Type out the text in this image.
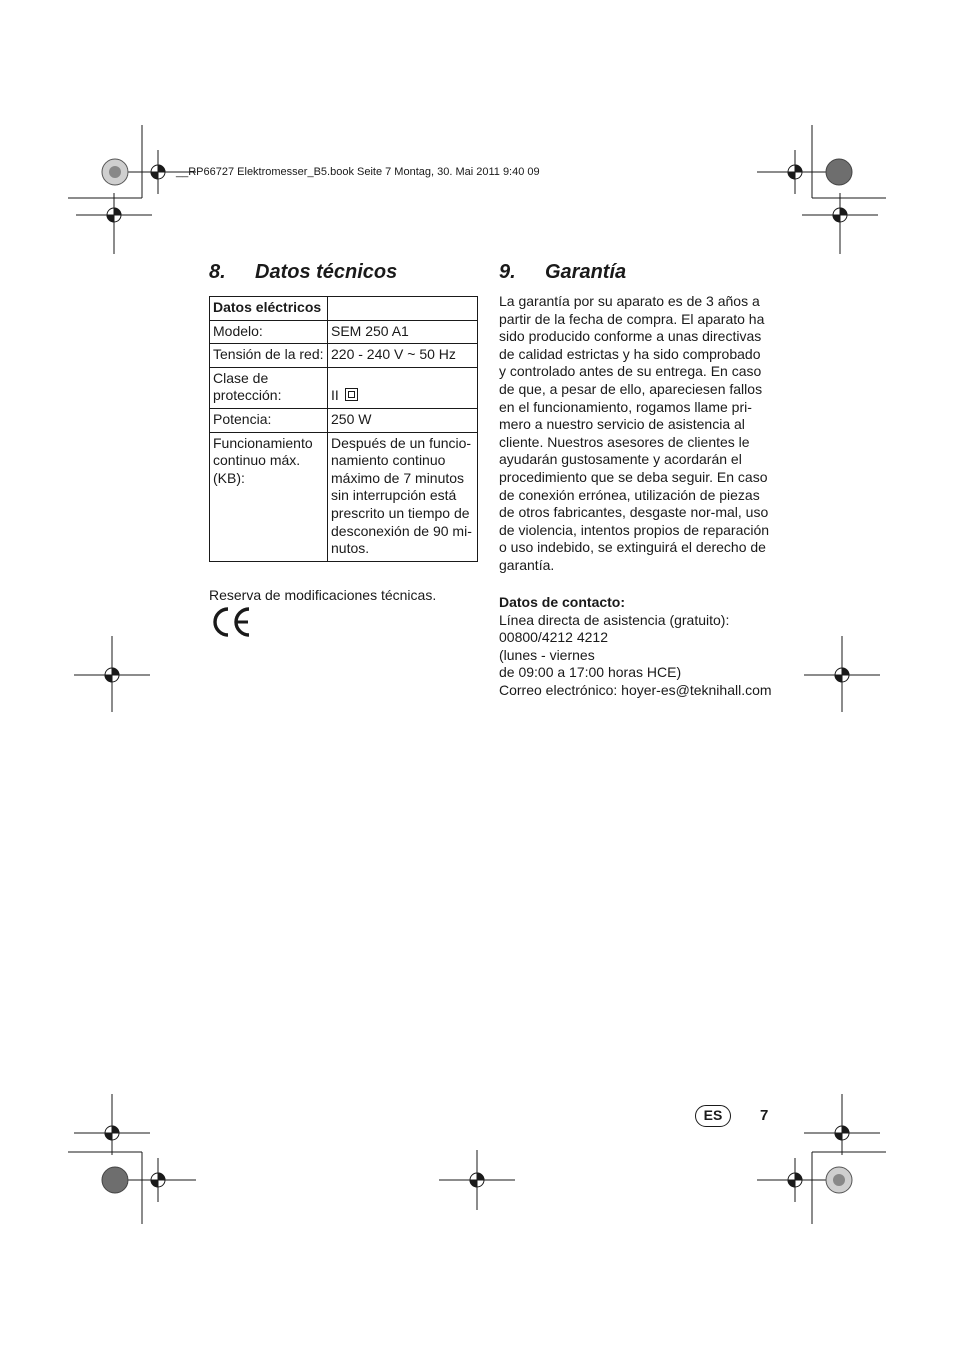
__RP66727 Elektromesser_B5.book Seite 7 Montag, 30. Mai 2011 9:40 09
8. Datos técnicos
Datos eléctricos	
Modelo:	SEM 250 A1
Tensión de la red:	220 - 240 V ~ 50 Hz
Clase de protección:	II
Potencia:	250 W
Funcionamiento continuo máx. (KB):	Después de un funcio-namiento continuo máximo de 7 minutos sin interrupción está prescrito un tiempo de desconexión de 90 mi-nutos.
Reserva de modificaciones técnicas.
9. Garantía
La garantía por su aparato es de 3 años a partir de la fecha de compra. El aparato ha sido producido conforme a unas directivas de calidad estrictas y ha sido comprobado y controlado antes de su entrega. En caso de que, a pesar de ello, apareciesen fallos en el funcionamiento, rogamos llame pri-mero a nuestro servicio de asistencia al cliente. Nuestros asesores de clientes le ayudarán gustosamente y acordarán el procedimiento que se deba seguir. En caso de conexión errónea, utilización de piezas de otros fabricantes, desgaste nor-mal, uso de violencia, intentos propios de reparación o uso indebido, se extinguirá el derecho de garantía.
Datos de contacto:
Línea directa de asistencia (gratuito):
00800/4212 4212
(lunes - viernes
de 09:00 a 17:00 horas HCE)
Correo electrónico: hoyer-es@teknihall.com
ES	7
